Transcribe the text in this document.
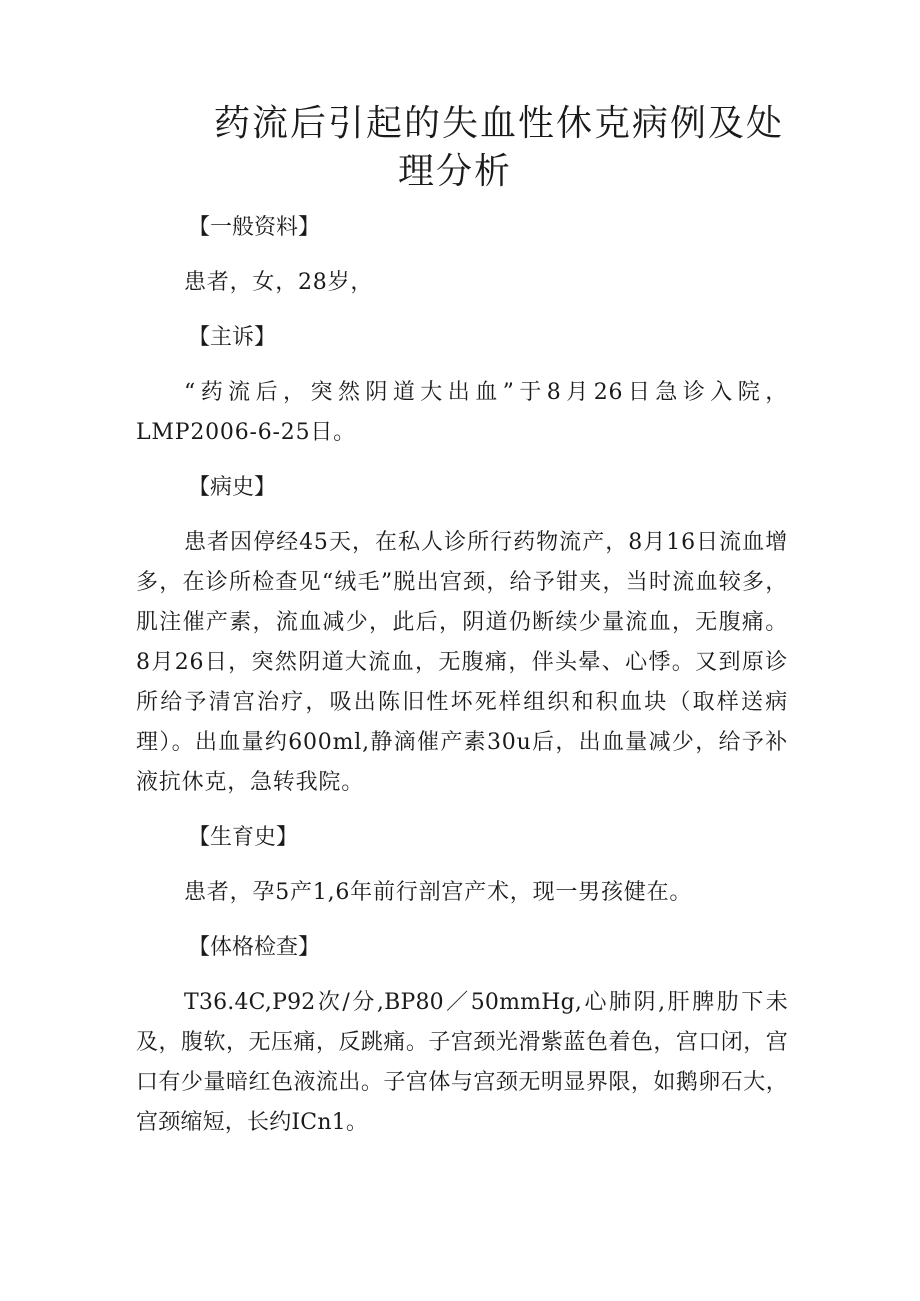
药流后引起的失血性休克病例及处
理分析
【一般资料】

患者，女，28岁，

【主诉】

“药流后，突然阴道大出血”于8月26日急诊入院，LMP2006-6-25日。

【病史】

患者因停经45天，在私人诊所行药物流产，8月16日流血增多，在诊所检查见“绒毛”脱出宫颈，给予钳夹，当时流血较多，肌注催产素，流血减少，此后，阴道仍断续少量流血，无腹痛。8月26日，突然阴道大流血，无腹痛，伴头晕、心悸。又到原诊所给予清宫治疗，吸出陈旧性坏死样组织和积血块（取样送病理）。出血量约600ml,静滴催产素30u后，出血量减少，给予补液抗休克，急转我院。

【生育史】

患者，孕5产1,6年前行剖宫产术，现一男孩健在。

【体格检查】

T36.4C,P92次/分,BP80／50mmHg,心肺阴,肝脾肋下未及，腹软，无压痛，反跳痛。子宫颈光滑紫蓝色着色，宫口闭，宫口有少量暗红色液流出。子宫体与宫颈无明显界限，如鹅卵石大，宫颈缩短，长约ICn1。
